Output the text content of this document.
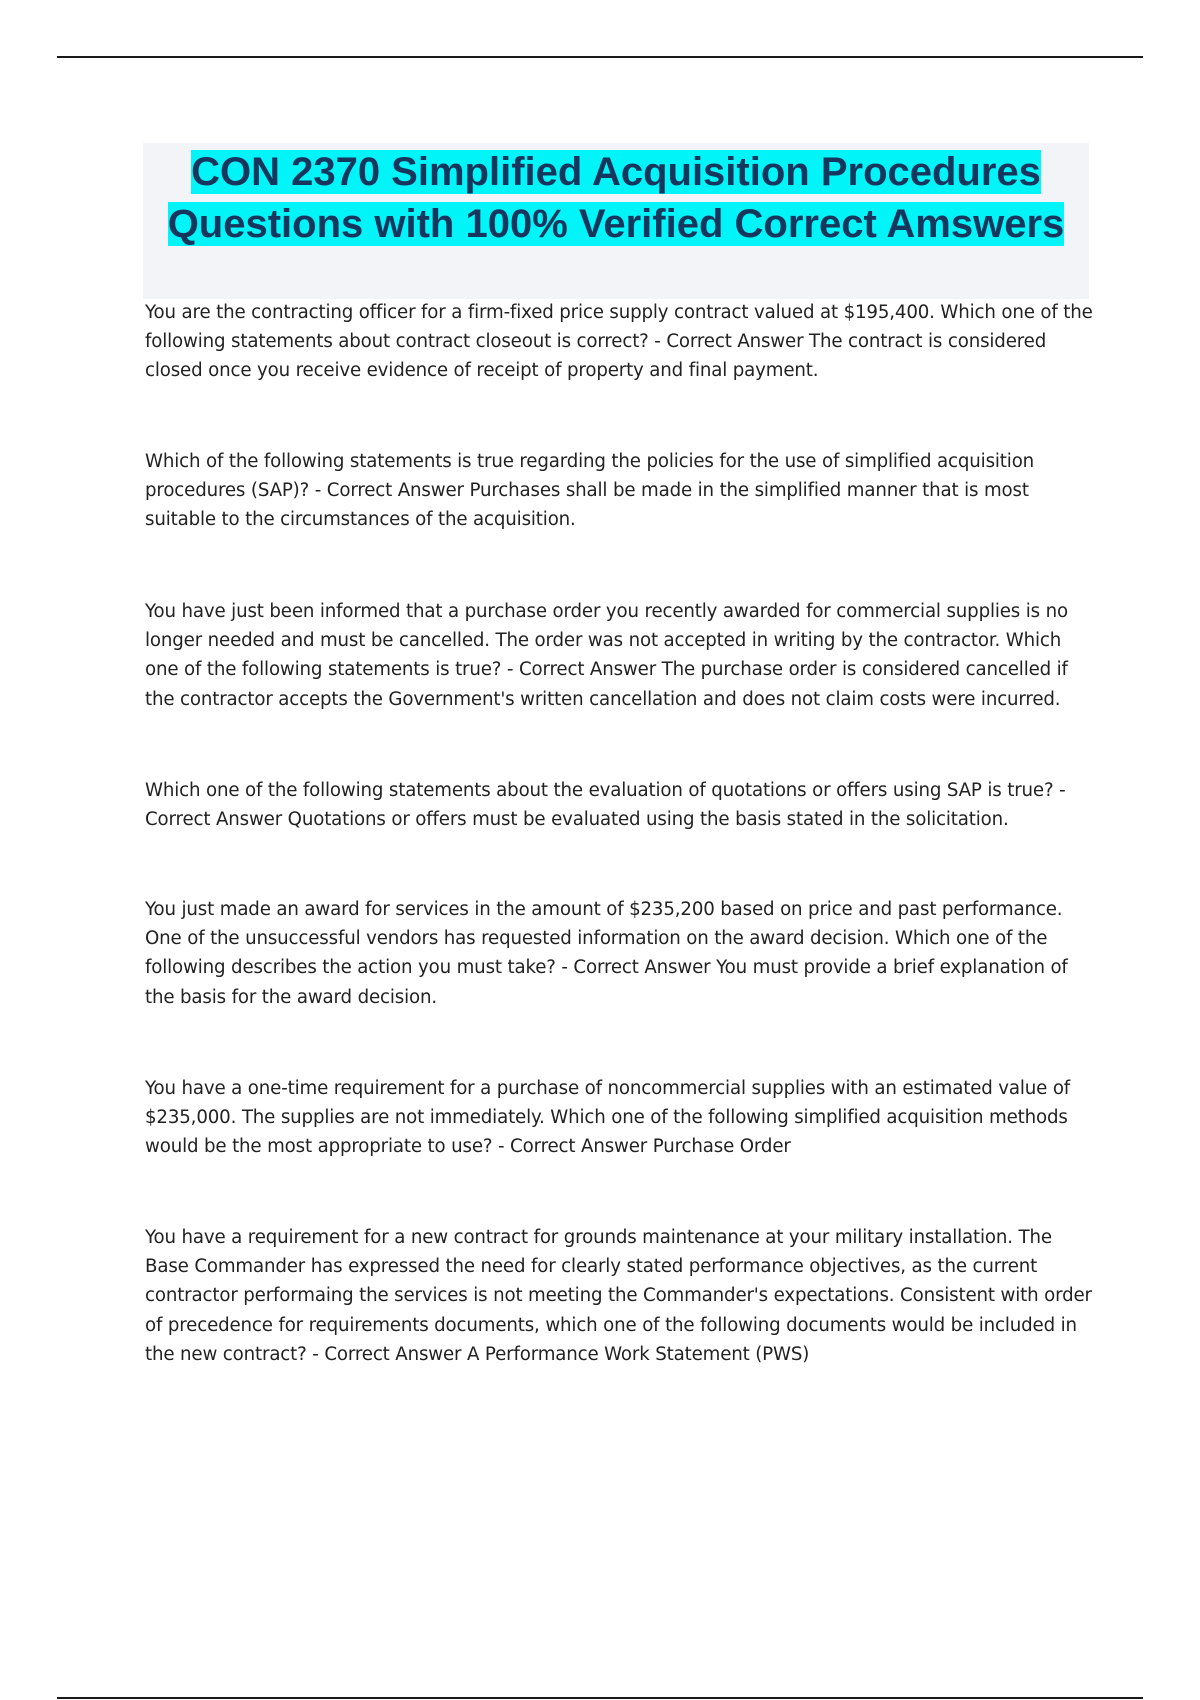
CON 2370 Simplified Acquisition Procedures Questions with 100% Verified Correct Amswers

You are the contracting officer for a firm-fixed price supply contract valued at $195,400. Which one of the following statements about contract closeout is correct? - Correct Answer The contract is considered closed once you receive evidence of receipt of property and final payment.

Which of the following statements is true regarding the policies for the use of simplified acquisition procedures (SAP)? - Correct Answer Purchases shall be made in the simplified manner that is most suitable to the circumstances of the acquisition.

You have just been informed that a purchase order you recently awarded for commercial supplies is no longer needed and must be cancelled. The order was not accepted in writing by the contractor. Which one of the following statements is true? - Correct Answer The purchase order is considered cancelled if the contractor accepts the Government's written cancellation and does not claim costs were incurred.

Which one of the following statements about the evaluation of quotations or offers using SAP is true? - Correct Answer Quotations or offers must be evaluated using the basis stated in the solicitation.

You just made an award for services in the amount of $235,200 based on price and past performance. One of the unsuccessful vendors has requested information on the award decision. Which one of the following describes the action you must take? - Correct Answer You must provide a brief explanation of the basis for the award decision.

You have a one-time requirement for a purchase of noncommercial supplies with an estimated value of $235,000. The supplies are not immediately. Which one of the following simplified acquisition methods would be the most appropriate to use? - Correct Answer Purchase Order

You have a requirement for a new contract for grounds maintenance at your military installation. The Base Commander has expressed the need for clearly stated performance objectives, as the current contractor performaing the services is not meeting the Commander's expectations. Consistent with order of precedence for requirements documents, which one of the following documents would be included in the new contract? - Correct Answer A Performance Work Statement (PWS)
